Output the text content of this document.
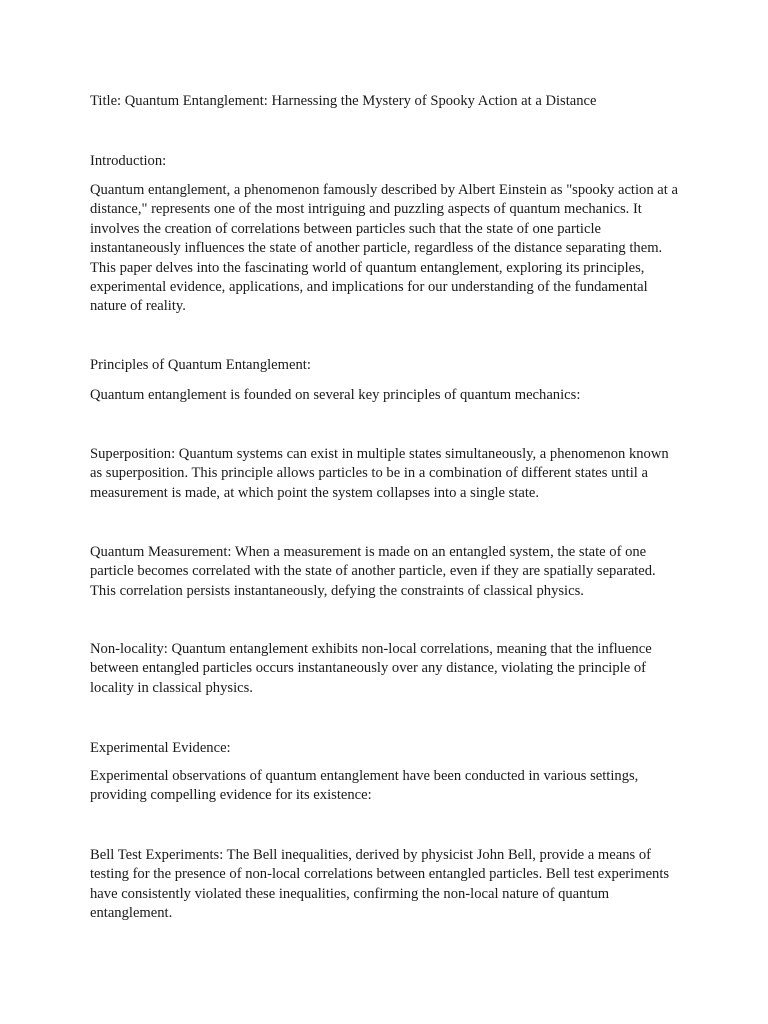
Title: Quantum Entanglement: Harnessing the Mystery of Spooky Action at a Distance

Introduction:

Quantum entanglement, a phenomenon famously described by Albert Einstein as "spooky action at a distance," represents one of the most intriguing and puzzling aspects of quantum mechanics. It involves the creation of correlations between particles such that the state of one particle instantaneously influences the state of another particle, regardless of the distance separating them. This paper delves into the fascinating world of quantum entanglement, exploring its principles, experimental evidence, applications, and implications for our understanding of the fundamental nature of reality.

Principles of Quantum Entanglement:

Quantum entanglement is founded on several key principles of quantum mechanics:

Superposition: Quantum systems can exist in multiple states simultaneously, a phenomenon known as superposition. This principle allows particles to be in a combination of different states until a measurement is made, at which point the system collapses into a single state.

Quantum Measurement: When a measurement is made on an entangled system, the state of one particle becomes correlated with the state of another particle, even if they are spatially separated. This correlation persists instantaneously, defying the constraints of classical physics.

Non-locality: Quantum entanglement exhibits non-local correlations, meaning that the influence between entangled particles occurs instantaneously over any distance, violating the principle of locality in classical physics.

Experimental Evidence:

Experimental observations of quantum entanglement have been conducted in various settings, providing compelling evidence for its existence:

Bell Test Experiments: The Bell inequalities, derived by physicist John Bell, provide a means of testing for the presence of non-local correlations between entangled particles. Bell test experiments have consistently violated these inequalities, confirming the non-local nature of quantum entanglement.
